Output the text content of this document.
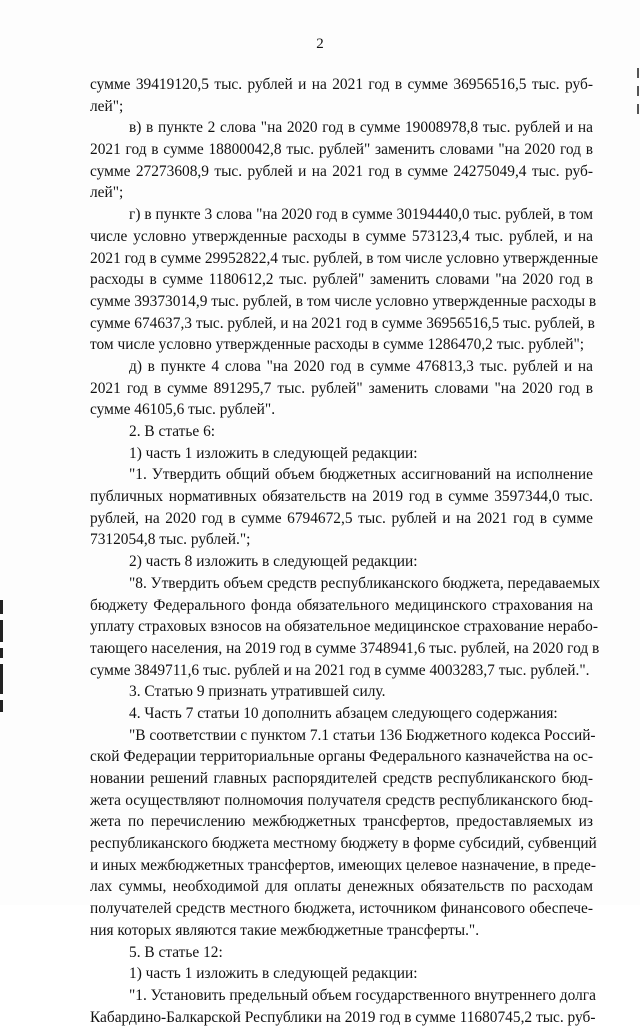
2
сумме 39419120,5 тыс. рублей и на 2021 год в сумме 36956516,5 тыс. руб-
лей";
в) в пункте 2 слова "на 2020 год в сумме 19008978,8 тыс. рублей и на
2021 год в сумме 18800042,8 тыс. рублей" заменить словами "на 2020 год в
сумме 27273608,9 тыс. рублей и на 2021 год в сумме 24275049,4 тыс. руб-
лей";
г) в пункте 3 слова "на 2020 год в сумме 30194440,0 тыс. рублей, в том
числе условно утвержденные расходы в сумме 573123,4 тыс. рублей, и на
2021 год в сумме 29952822,4 тыс. рублей, в том числе условно утвержденные
расходы в сумме 1180612,2 тыс. рублей" заменить словами "на 2020 год в
сумме 39373014,9 тыс. рублей, в том числе условно утвержденные расходы в
сумме 674637,3 тыс. рублей, и на 2021 год в сумме 36956516,5 тыс. рублей, в
том числе условно утвержденные расходы в сумме 1286470,2 тыс. рублей";
д) в пункте 4 слова "на 2020 год в сумме 476813,3 тыс. рублей и на
2021 год в сумме 891295,7 тыс. рублей" заменить словами "на 2020 год в
сумме 46105,6 тыс. рублей".
2. В статье 6:
1) часть 1 изложить в следующей редакции:
"1. Утвердить общий объем бюджетных ассигнований на исполнение
публичных нормативных обязательств на 2019 год в сумме 3597344,0 тыс.
рублей, на 2020 год в сумме 6794672,5 тыс. рублей и на 2021 год в сумме
7312054,8 тыс. рублей.";
2) часть 8 изложить в следующей редакции:
"8. Утвердить объем средств республиканского бюджета, передаваемых
бюджету Федерального фонда обязательного медицинского страхования на
уплату страховых взносов на обязательное медицинское страхование нерабо-
тающего населения, на 2019 год в сумме 3748941,6 тыс. рублей, на 2020 год в
сумме 3849711,6 тыс. рублей и на 2021 год в сумме 4003283,7 тыс. рублей.".
3. Статью 9 признать утратившей силу.
4. Часть 7 статьи 10 дополнить абзацем следующего содержания:
"В соответствии с пунктом 7.1 статьи 136 Бюджетного кодекса Россий-
ской Федерации территориальные органы Федерального казначейства на ос-
новании решений главных распорядителей средств республиканского бюд-
жета осуществляют полномочия получателя средств республиканского бюд-
жета по перечислению межбюджетных трансфертов, предоставляемых из
республиканского бюджета местному бюджету в форме субсидий, субвенций
и иных межбюджетных трансфертов, имеющих целевое назначение, в преде-
лах суммы, необходимой для оплаты денежных обязательств по расходам
получателей средств местного бюджета, источником финансового обеспече-
ния которых являются такие межбюджетные трансферты.".
5. В статье 12:
1) часть 1 изложить в следующей редакции:
"1. Установить предельный объем государственного внутреннего долга
Кабардино-Балкарской Республики на 2019 год в сумме 11680745,2 тыс. руб-
